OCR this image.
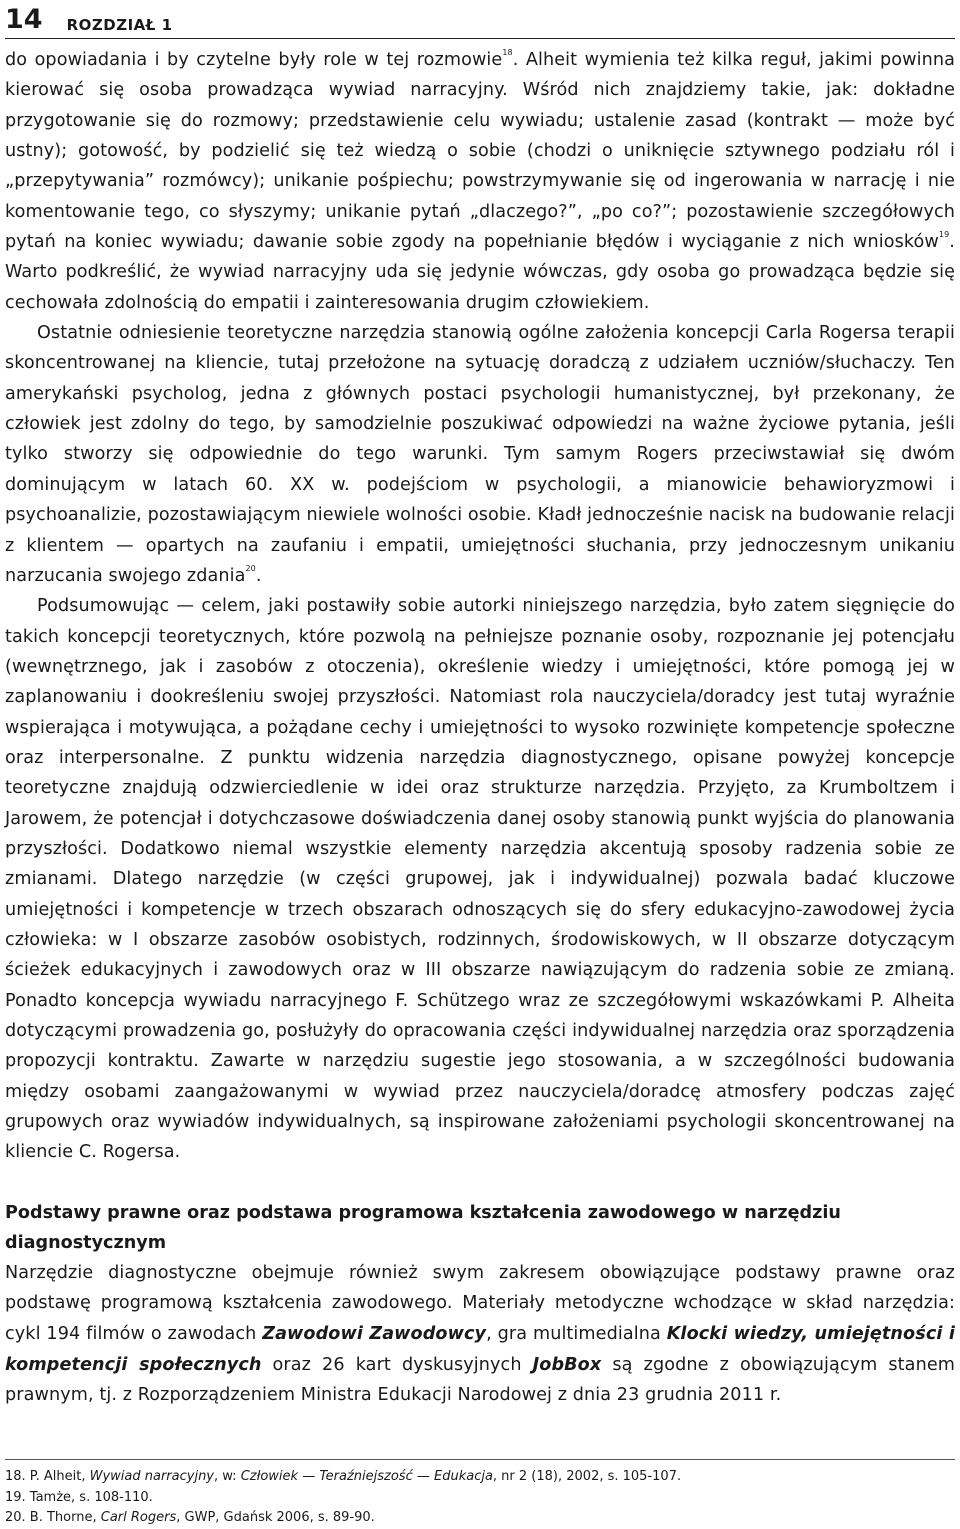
14 ROZDZIAŁ 1

do opowiadania i by czytelne były role w tej rozmowie$^{18}$. Alheit wymienia też kilka reguł, jakimi powinna kierować się osoba prowadząca wywiad narracyjny. Wśród nich znajdziemy takie, jak: dokładne przygotowanie się do rozmowy; przedstawienie celu wywiadu; ustalenie zasad (kontrakt — może być ustny); gotowość, by podzielić się też wiedzą o sobie (chodzi o uniknięcie sztywnego podziału ról i „przepytywania” rozmówcy); unikanie pośpiechu; powstrzymywanie się od ingerowania w narrację i nie komentowanie tego, co słyszymy; unikanie pytań „dlaczego?”, „po co?”; pozostawienie szczegółowych pytań na koniec wywiadu; dawanie sobie zgody na popełnianie błędów i wyciąganie z nich wniosków$^{19}$. Warto podkreślić, że wywiad narracyjny uda się jedynie wówczas, gdy osoba go prowadząca będzie się cechowała zdolnością do empatii i zainteresowania drugim człowiekiem.

Ostatnie odniesienie teoretyczne narzędzia stanowią ogólne założenia koncepcji Carla Rogersa terapii skoncentrowanej na kliencie, tutaj przełożone na sytuację doradczą z udziałem uczniów/słuchaczy. Ten amerykański psycholog, jedna z głównych postaci psychologii humanistycznej, był przekonany, że człowiek jest zdolny do tego, by samodzielnie poszukiwać odpowiedzi na ważne życiowe pytania, jeśli tylko stworzy się odpowiednie do tego warunki. Tym samym Rogers przeciwstawiał się dwóm dominującym w latach 60. XX w. podejściom w psychologii, a mianowicie behawioryzmowi i psychoanalizie, pozostawiającym niewiele wolności osobie. Kładł jednocześnie nacisk na budowanie relacji z klientem — opartych na zaufaniu i empatii, umiejętności słuchania, przy jednoczesnym unikaniu narzucania swojego zdania$^{20}$.

Podsumowując — celem, jaki postawiły sobie autorki niniejszego narzędzia, było zatem sięgnięcie do takich koncepcji teoretycznych, które pozwolą na pełniejsze poznanie osoby, rozpoznanie jej potencjału (wewnętrznego, jak i zasobów z otoczenia), określenie wiedzy i umiejętności, które pomogą jej w zaplanowaniu i dookreśleniu swojej przyszłości. Natomiast rola nauczyciela/doradcy jest tutaj wyraźnie wspierająca i motywująca, a pożądane cechy i umiejętności to wysoko rozwinięte kompetencje społeczne oraz interpersonalne. Z punktu widzenia narzędzia diagnostycznego, opisane powyżej koncepcje teoretyczne znajdują odzwierciedlenie w idei oraz strukturze narzędzia. Przyjęto, za Krumboltzem i Jarowem, że potencjał i dotychczasowe doświadczenia danej osoby stanowią punkt wyjścia do planowania przyszłości. Dodatkowo niemal wszystkie elementy narzędzia akcentują sposoby radzenia sobie ze zmianami. Dlatego narzędzie (w części grupowej, jak i indywidualnej) pozwala badać kluczowe umiejętności i kompetencje w trzech obszarach odnoszących się do sfery edukacyjno-zawodowej życia człowieka: w I obszarze zasobów osobistych, rodzinnych, środowiskowych, w II obszarze dotyczącym ścieżek edukacyjnych i zawodowych oraz w III obszarze nawiązującym do radzenia sobie ze zmianą. Ponadto koncepcja wywiadu narracyjnego F. Schützego wraz ze szczegółowymi wskazówkami P. Alheita dotyczącymi prowadzenia go, posłużyły do opracowania części indywidualnej narzędzia oraz sporządzenia propozycji kontraktu. Zawarte w narzędziu sugestie jego stosowania, a w szczególności budowania między osobami zaangażowanymi w wywiad przez nauczyciela/doradcę atmosfery podczas zajęć grupowych oraz wywiadów indywidualnych, są inspirowane założeniami psychologii skoncentrowanej na kliencie C. Rogersa.

Podstawy prawne oraz podstawa programowa kształcenia zawodowego w narzędziu diagnostycznym

Narzędzie diagnostyczne obejmuje również swym zakresem obowiązujące podstawy prawne oraz podstawę programową kształcenia zawodowego. Materiały metodyczne wchodzące w skład narzędzia: cykl 194 filmów o zawodach Zawodowi Zawodowcy, gra multimedialna Klocki wiedzy, umiejętności i kompetencji społecznych oraz 26 kart dyskusyjnych JobBox są zgodne z obowiązującym stanem prawnym, tj. z Rozporządzeniem Ministra Edukacji Narodowej z dnia 23 grudnia 2011 r.

18. P. Alheit, Wywiad narracyjny, w: Człowiek — Teraźniejszość — Edukacja, nr 2 (18), 2002, s. 105-107.
19. Tamże, s. 108-110.
20. B. Thorne, Carl Rogers, GWP, Gdańsk 2006, s. 89-90.
